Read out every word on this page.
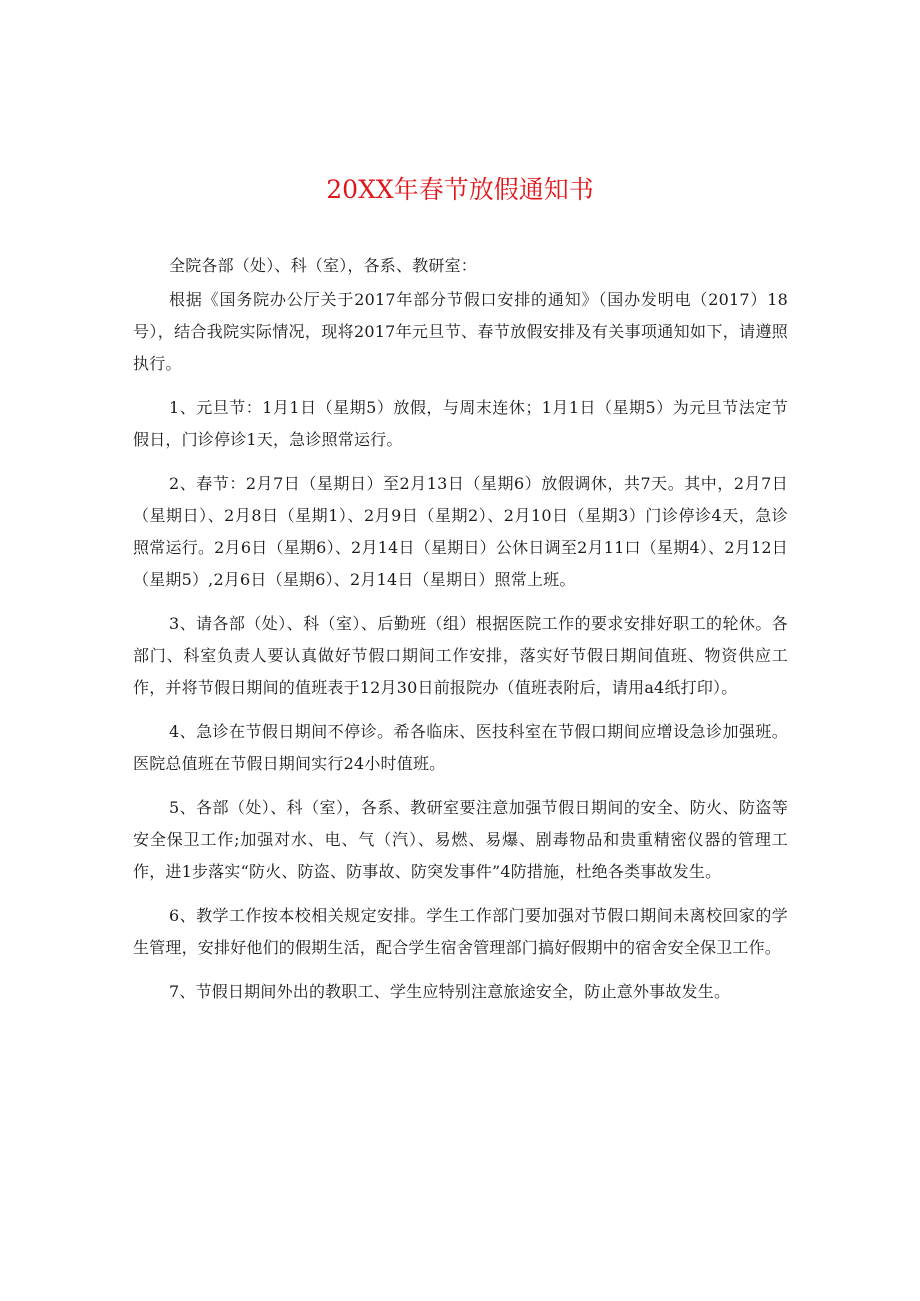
20XX年春节放假通知书

全院各部（处）、科（室），各系、教研室：

根据《国务院办公厅关于2017年部分节假口安排的通知》（国办发明电（2017）18号），结合我院实际情况，现将2017年元旦节、春节放假安排及有关事项通知如下，请遵照执行。

1、元旦节：1月1日（星期5）放假，与周末连休；1月1日（星期5）为元旦节法定节假日，门诊停诊1天，急诊照常运行。

2、春节：2月7日（星期日）至2月13日（星期6）放假调休，共7天。其中，2月7日（星期日）、2月8日（星期1）、2月9日（星期2）、2月10日（星期3）门诊停诊4天，急诊照常运行。2月6日（星期6）、2月14日（星期日）公休日调至2月11口（星期4）、2月12日（星期5）,2月6日（星期6）、2月14日（星期日）照常上班。

3、请各部（处）、科（室）、后勤班（组）根据医院工作的要求安排好职工的轮休。各部门、科室负责人要认真做好节假口期间工作安排，落实好节假日期间值班、物资供应工作，并将节假日期间的值班表于12月30日前报院办（值班表附后，请用a4纸打印）。

4、急诊在节假日期间不停诊。希各临床、医技科室在节假口期间应增设急诊加强班。医院总值班在节假日期间实行24小时值班。

5、各部（处）、科（室），各系、教研室要注意加强节假日期间的安全、防火、防盗等安全保卫工作;加强对水、电、气（汽）、易燃、易爆、剧毒物品和贵重精密仪器的管理工作，进1步落实“防火、防盗、防事故、防突发事件”4防措施，杜绝各类事故发生。

6、教学工作按本校相关规定安排。学生工作部门要加强对节假口期间未离校回家的学生管理，安排好他们的假期生活，配合学生宿舍管理部门搞好假期中的宿舍安全保卫工作。

7、节假日期间外出的教职工、学生应特别注意旅途安全，防止意外事故发生。
